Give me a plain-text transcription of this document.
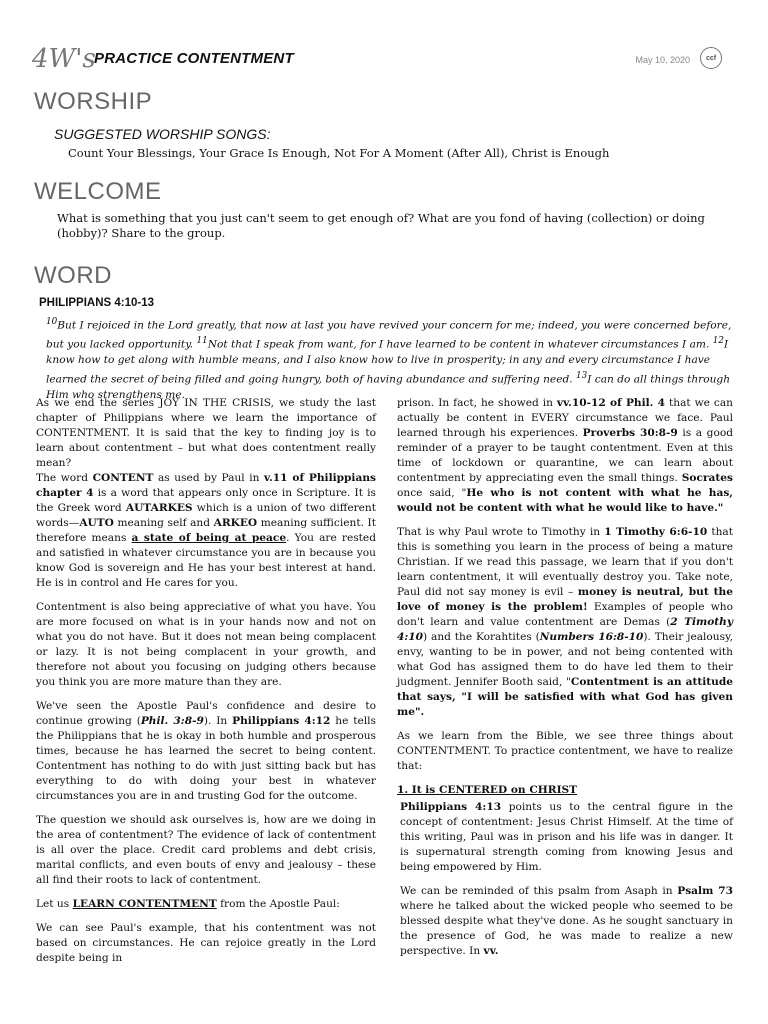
4W's
PRACTICE CONTENTMENT	May 10, 2020	ccf
WORSHIP
SUGGESTED WORSHIP SONGS:
Count Your Blessings, Your Grace Is Enough, Not For A Moment (After All), Christ is Enough
WELCOME
What is something that you just can't seem to get enough of? What are you fond of having (collection) or doing (hobby)? Share to the group.
WORD
PHILIPPIANS 4:10-13
$^{10}$But I rejoiced in the Lord greatly, that now at last you have revived your concern for me; indeed, you were concerned before, but you lacked opportunity. $^{11}$Not that I speak from want, for I have learned to be content in whatever circumstances I am. $^{12}$I know how to get along with humble means, and I also know how to live in prosperity; in any and every circumstance I have learned the secret of being filled and going hungry, both of having abundance and suffering need. $^{13}$I can do all things through Him who strengthens me.

As we end the series JOY IN THE CRISIS, we study the last chapter of Philippians where we learn the importance of CONTENTMENT. It is said that the key to finding joy is to learn about contentment – but what does contentment really mean?

The word CONTENT as used by Paul in v.11 of Philippians chapter 4 is a word that appears only once in Scripture. It is the Greek word AUTARKES which is a union of two different words—AUTO meaning self and ARKEO meaning sufficient. It therefore means a state of being at peace. You are rested and satisfied in whatever circumstance you are in because you know God is sovereign and He has your best interest at hand. He is in control and He cares for you.

Contentment is also being appreciative of what you have. You are more focused on what is in your hands now and not on what you do not have. But it does not mean being complacent or lazy. It is not being complacent in your growth, and therefore not about you focusing on judging others because you think you are more mature than they are.

We've seen the Apostle Paul's confidence and desire to continue growing (Phil. 3:8-9). In Philippians 4:12 he tells the Philippians that he is okay in both humble and prosperous times, because he has learned the secret to being content. Contentment has nothing to do with just sitting back but has everything to do with doing your best in whatever circumstances you are in and trusting God for the outcome.

The question we should ask ourselves is, how are we doing in the area of contentment? The evidence of lack of contentment is all over the place. Credit card problems and debt crisis, marital conflicts, and even bouts of envy and jealousy – these all find their roots to lack of contentment.

Let us LEARN CONTENTMENT from the Apostle Paul:

We can see Paul's example, that his contentment was not based on circumstances. He can rejoice greatly in the Lord despite being in

prison. In fact, he showed in vv.10-12 of Phil. 4 that we can actually be content in EVERY circumstance we face. Paul learned through his experiences. Proverbs 30:8-9 is a good reminder of a prayer to be taught contentment. Even at this time of lockdown or quarantine, we can learn about contentment by appreciating even the small things. Socrates once said, "He who is not content with what he has, would not be content with what he would like to have."

That is why Paul wrote to Timothy in 1 Timothy 6:6-10 that this is something you learn in the process of being a mature Christian. If we read this passage, we learn that if you don't learn contentment, it will eventually destroy you. Take note, Paul did not say money is evil – money is neutral, but the love of money is the problem! Examples of people who don't learn and value contentment are Demas (2 Timothy 4:10) and the Korahtites (Numbers 16:8-10). Their jealousy, envy, wanting to be in power, and not being contented with what God has assigned them to do have led them to their judgment. Jennifer Booth said, "Contentment is an attitude that says, "I will be satisfied with what God has given me".

As we learn from the Bible, we see three things about CONTENTMENT. To practice contentment, we have to realize that:

1. It is CENTERED on CHRIST

Philippians 4:13 points us to the central figure in the concept of contentment: Jesus Christ Himself. At the time of this writing, Paul was in prison and his life was in danger. It is supernatural strength coming from knowing Jesus and being empowered by Him.

We can be reminded of this psalm from Asaph in Psalm 73 where he talked about the wicked people who seemed to be blessed despite what they've done. As he sought sanctuary in the presence of God, he was made to realize a new perspective. In vv.
